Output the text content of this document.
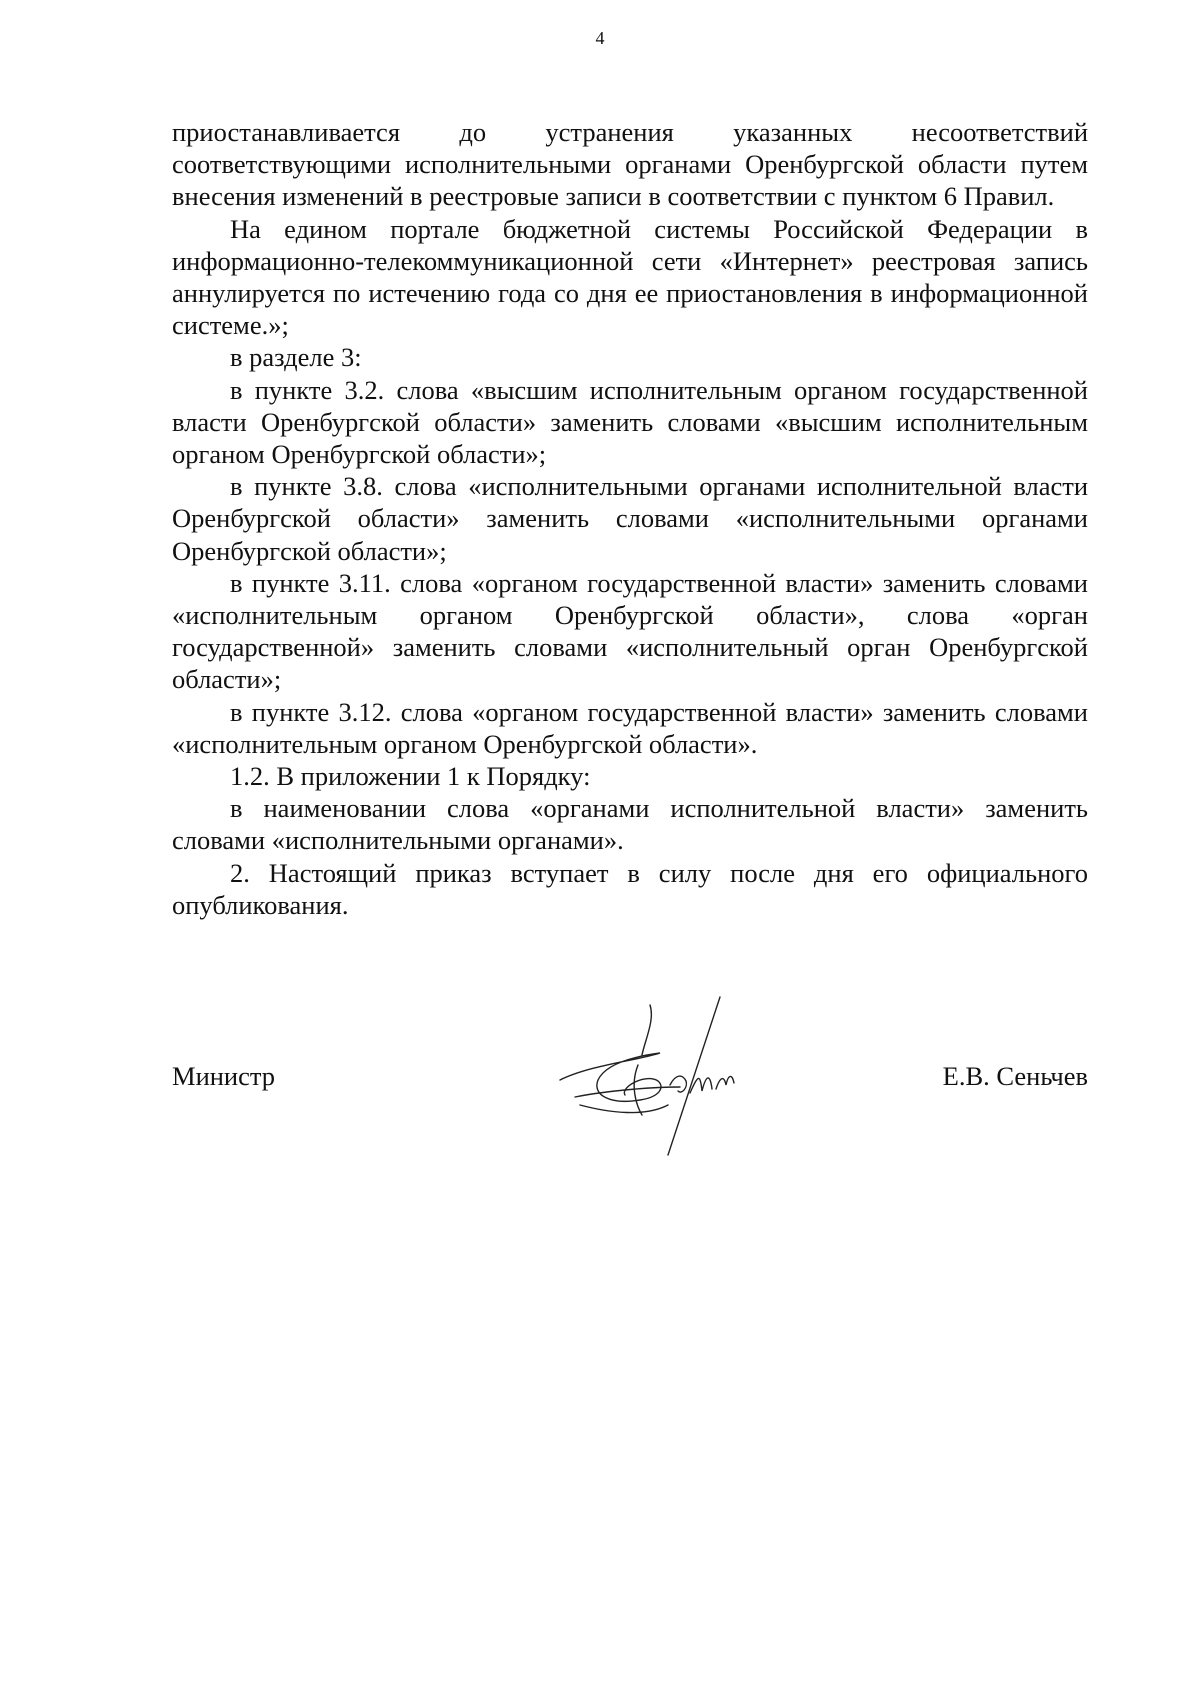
4

приостанавливается до устранения указанных несоответствий соответствующими исполнительными органами Оренбургской области путем внесения изменений в реестровые записи в соответствии с пунктом 6 Правил.

На едином портале бюджетной системы Российской Федерации в информационно-телекоммуникационной сети «Интернет» реестровая запись аннулируется по истечению года со дня ее приостановления в информационной системе.»;

в разделе 3:

в пункте 3.2. слова «высшим исполнительным органом государственной власти Оренбургской области» заменить словами «высшим исполнительным органом Оренбургской области»;

в пункте 3.8. слова «исполнительными органами исполнительной власти Оренбургской области» заменить словами «исполнительными органами Оренбургской области»;

в пункте 3.11. слова «органом государственной власти» заменить словами «исполнительным органом Оренбургской области», слова «орган государственной» заменить словами «исполнительный орган Оренбургской области»;

в пункте 3.12. слова «органом государственной власти» заменить словами «исполнительным органом Оренбургской области».

1.2. В приложении 1 к Порядку:

в наименовании слова «органами исполнительной власти» заменить словами «исполнительными органами».

2. Настоящий приказ вступает в силу после дня его официального опубликования.

Министр	Е.В. Сеньчев
